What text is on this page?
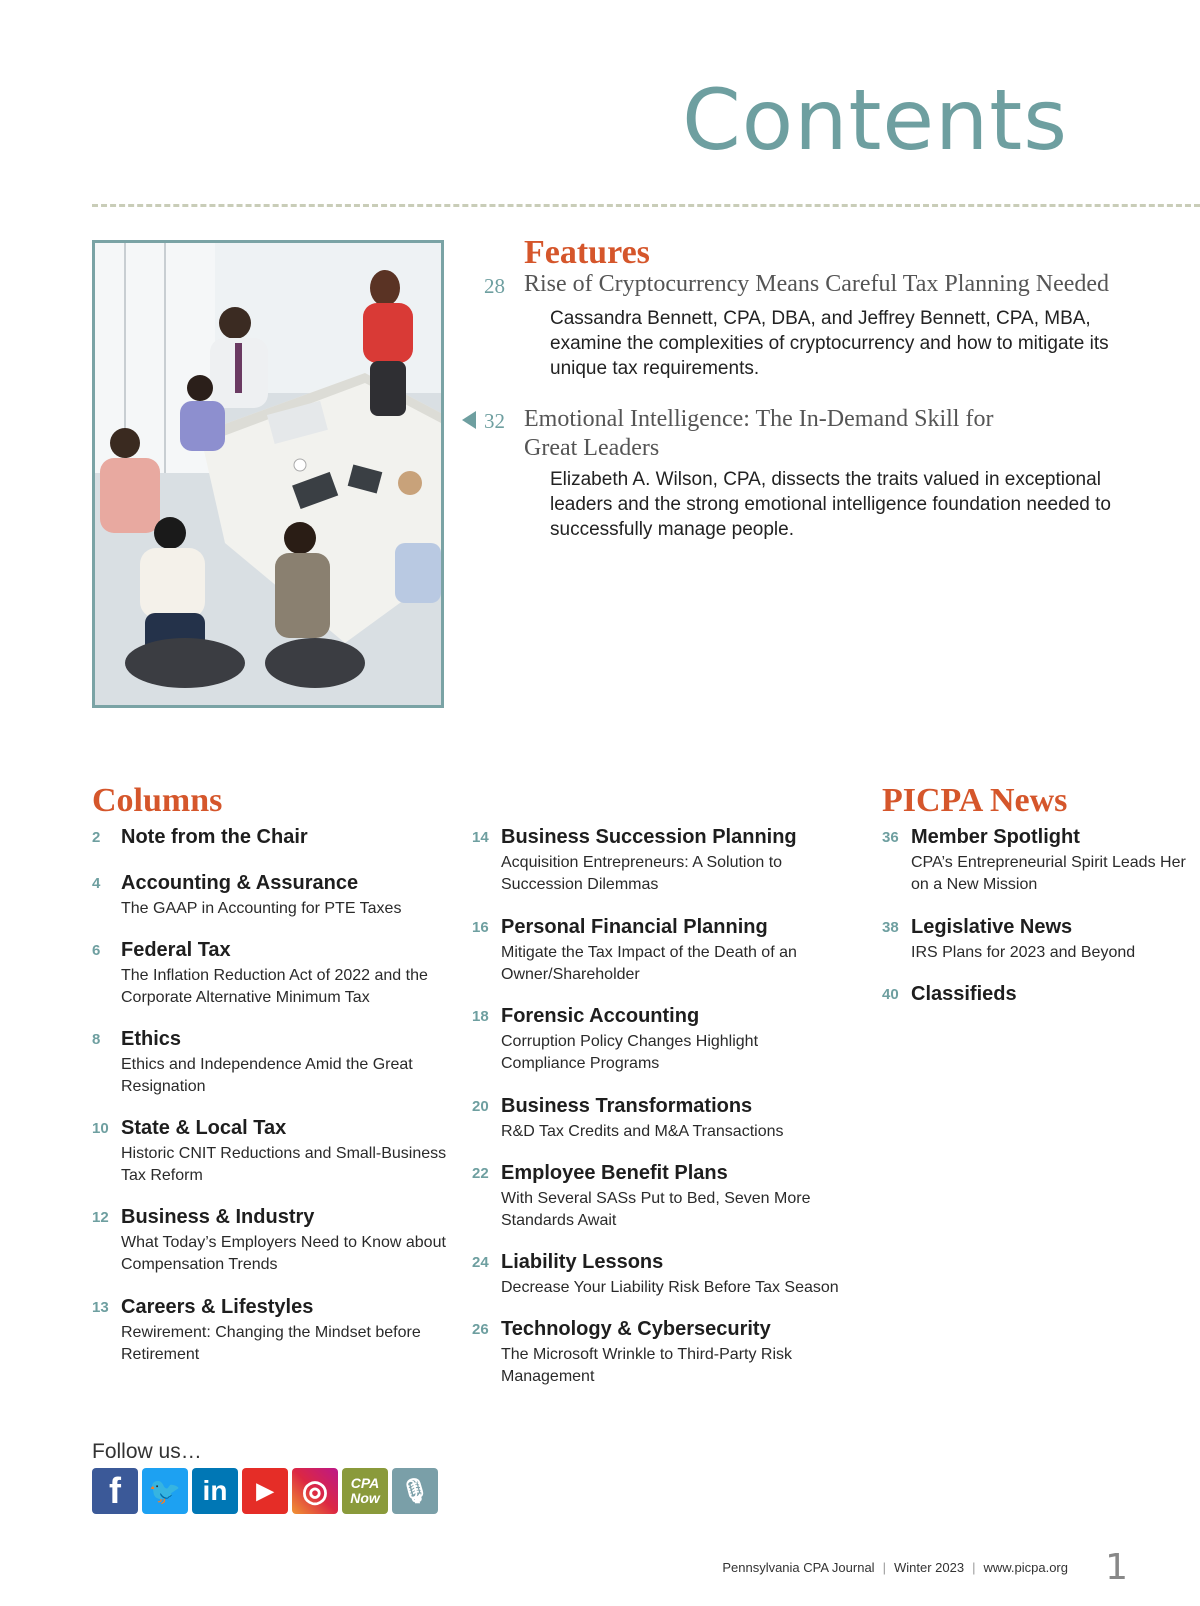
Contents
Features
28 Rise of Cryptocurrency Means Careful Tax Planning Needed
Cassandra Bennett, CPA, DBA, and Jeffrey Bennett, CPA, MBA, examine the complexities of cryptocurrency and how to mitigate its unique tax requirements.
32 Emotional Intelligence: The In-Demand Skill for
Great Leaders
Elizabeth A. Wilson, CPA, dissects the traits valued in exceptional leaders and the strong emotional intelligence foundation needed to successfully manage people.
Columns
2 Note from the Chair
4 Accounting & Assurance
The GAAP in Accounting for PTE Taxes
6 Federal Tax
The Inflation Reduction Act of 2022 and the Corporate Alternative Minimum Tax
8 Ethics
Ethics and Independence Amid the Great Resignation
10 State & Local Tax
Historic CNIT Reductions and Small-Business Tax Reform
12 Business & Industry
What Today’s Employers Need to Know about Compensation Trends
13 Careers & Lifestyles
Rewirement: Changing the Mindset before Retirement
14 Business Succession Planning
Acquisition Entrepreneurs: A Solution to Succession Dilemmas
16 Personal Financial Planning
Mitigate the Tax Impact of the Death of an Owner/Shareholder
18 Forensic Accounting
Corruption Policy Changes Highlight Compliance Programs
20 Business Transformations
R&D Tax Credits and M&A Transactions
22 Employee Benefit Plans
With Several SASs Put to Bed, Seven More Standards Await
24 Liability Lessons
Decrease Your Liability Risk Before Tax Season
26 Technology & Cybersecurity
The Microsoft Wrinkle to Third-Party Risk Management
PICPA News
36 Member Spotlight
CPA’s Entrepreneurial Spirit Leads Her on a New Mission
38 Legislative News
IRS Plans for 2023 and Beyond
40 Classifieds
Follow us…
f 🐦 in ▶ ◎ CPA
Now 🎙
Pennsylvania CPA Journal | Winter 2023 | www.picpa.org 1
